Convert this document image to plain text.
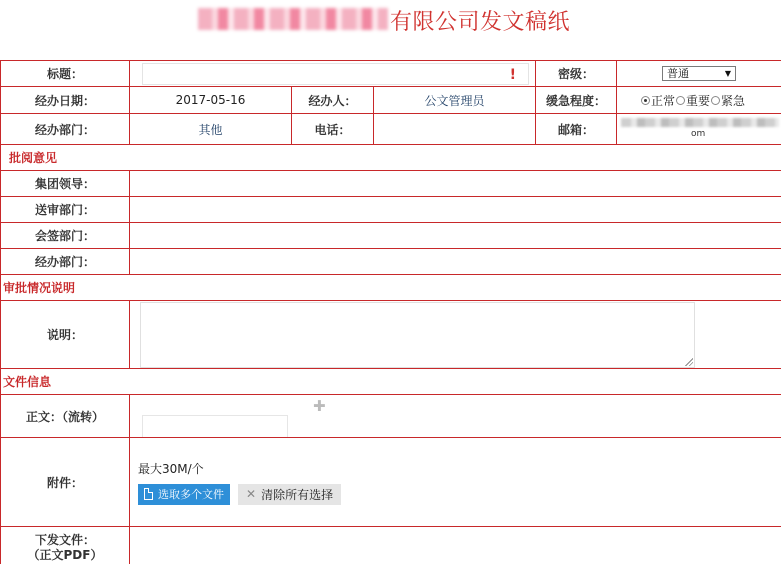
有限公司发文稿纸
标题：	!			密级：	普通 ▼

经办日期：	2017-05-16	经办人：	公文管理员	缓急程度：	正常 重要 紧急

经办部门：	其他	电话：		邮箱：	om

批阅意见					
集团领导：					
送审部门：					
会签部门：					
经办部门：					
审批情况说明					
说明：					

文件信息					
正文：（流转）	✚				

附件：	最大30M/个
选取多个文件 ✕ 清除所有选择				

下发文件：
（正文PDF）					
